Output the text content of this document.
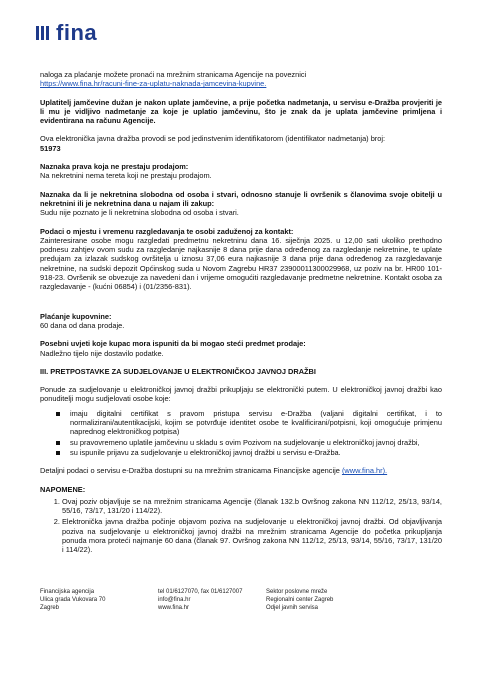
fina

naloga za plaćanje možete pronaći na mrežnim stranicama Agencije na poveznici
https://www.fina.hr/racuni-fine-za-uplatu-naknada-jamcevina-kupvine.

Uplatitelj jamčevine dužan je nakon uplate jamčevine, a prije početka nadmetanja, u servisu e-Dražba provjeriti je li mu je vidljivo nadmetanje za koje je uplatio jamčevinu, što je znak da je uplata jamčevine primljena i evidentirana na računu Agencije.

Ova elektronička javna dražba provodi se pod jedinstvenim identifikatorom (identifikator nadmetanja) broj:
51973

Naznaka prava koja ne prestaju prodajom:
Na nekretnini nema tereta koji ne prestaju prodajom.

Naznaka da li je nekretnina slobodna od osoba i stvari, odnosno stanuje li ovršenik s članovima svoje obitelji u nekretnini ili je nekretnina dana u najam ili zakup:
Sudu nije poznato je li nekretnina slobodna od osoba i stvari.

Podaci o mjestu i vremenu razgledavanja te osobi zaduženoj za kontakt:
Zainteresirane osobe mogu razgledati predmetnu nekretninu dana 16. siječnja 2025. u 12,00 sati ukoliko prethodno podnesu zahtjev ovom sudu za razgledanje najkasnije 8 dana prije dana određenog za razgledanje nekretnine, te uplate predujam za izlazak sudskog ovršitelja u iznosu 37,06 eura najkasnije 3 dana prije dana određenog za razgledavanje nekretnine, na sudski depozit Općinskog suda u Novom Zagrebu HR37 2390001130002996​8, uz poziv na br. HR00 101-918-23. Ovršenik se obvezuje za navedeni dan i vrijeme omogućiti razgledavanje predmetne nekretnine. Kontakt osoba za razgledavanje - (kućni 06854) i (01/2356-831).

Plaćanje kupovnine:
60 dana od dana prodaje.

Posebni uvjeti koje kupac mora ispuniti da bi mogao steći predmet prodaje:
Nadležno tijelo nije dostavilo podatke.

III. PRETPOSTAVKE ZA SUDJELOVANJE U ELEKTRONIČKOJ JAVNOJ DRAŽBI

Ponude za sudjelovanje u elektroničkoj javnoj dražbi prikupljaju se elektronički putem. U elektroničkoj javnoj dražbi kao ponuditelji mogu sudjelovati osobe koje:

imaju digitalni certifikat s pravom pristupa servisu e-Dražba (valjani digitalni certifikat, i to normalizirani/autentikacijski, kojim se potvrđuje identitet osobe te kvalificirani/potpisni, koji omogućuje primjenu naprednog elektroničkog potpisa)
su pravovremeno uplatile jamčevinu u skladu s ovim Pozivom na sudjelovanje u elektroničkoj javnoj dražbi,
su ispunile prijavu za sudjelovanje u elektroničkoj javnoj dražbi u servisu e-Dražba.

Detaljni podaci o servisu e-Dražba dostupni su na mrežnim stranicama Financijske agencije (www.fina.hr).

NAPOMENE:
1. Ovaj poziv objavljuje se na mrežnim stranicama Agencije (članak 132.b Ovršnog zakona NN 112/12, 25/13, 93/14, 55/16, 73/17, 131/20 i 114/22).
2. Elektronička javna dražba počinje objavom poziva na sudjelovanje u elektroničkoj javnoj dražbi. Od objavljivanja poziva na sudjelovanje u elektroničkoj javnoj dražbi na mrežnim stranicama Agencije do početka prikupljanja ponuda mora proteći najmanje 60 dana (članak 97. Ovršnog zakona NN 112/12, 25/13, 93/14, 55/16, 73/17, 131/20 i 114/22).
Financijska agencija
Ulica grada Vukovara 70
Zagreb
tel 01/6127070, fax 01/6127007
info@fina.hr
www.fina.hr
Sektor poslovne mreže
Regionalni center Zagreb
Odjel javnih servisa
